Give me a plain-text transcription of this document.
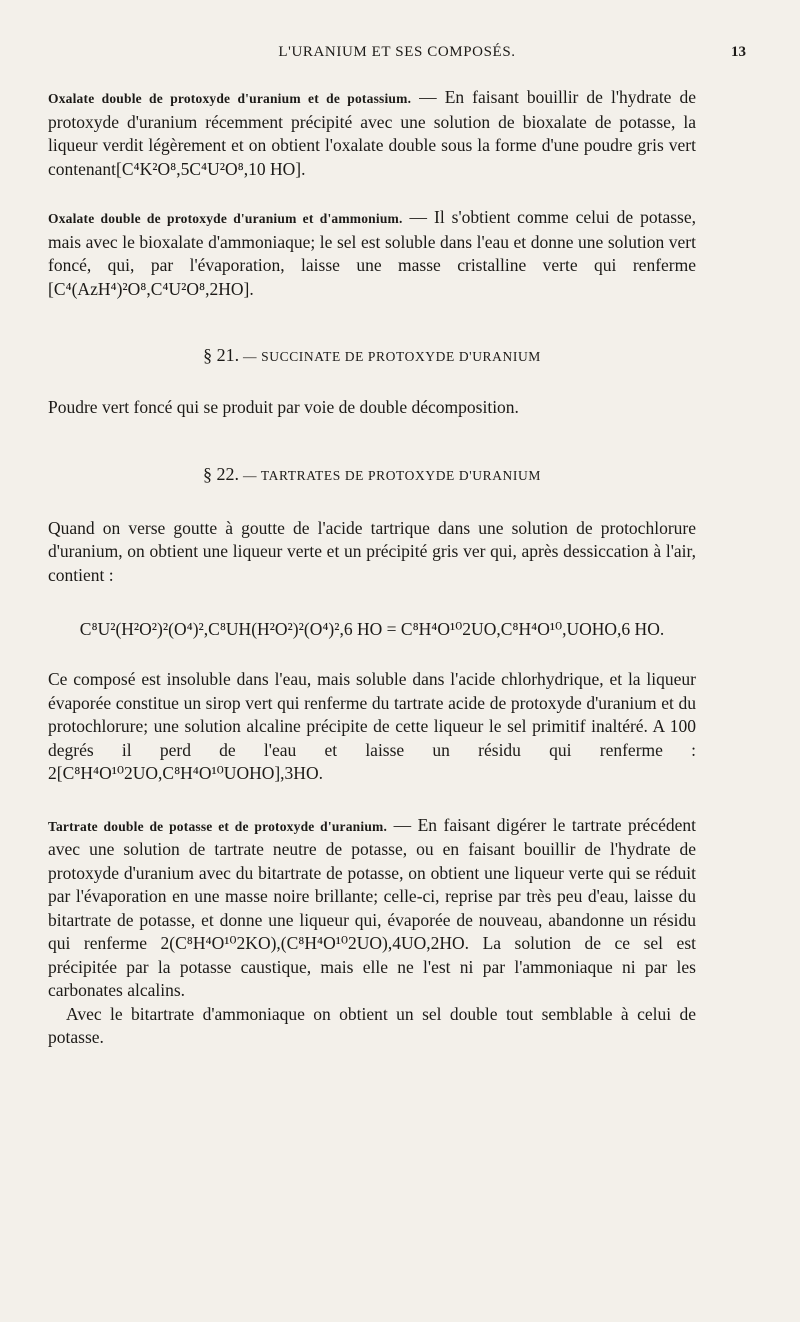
L'URANIUM ET SES COMPOSÉS.	13

Oxalate double de protoxyde d'uranium et de potassium. — En faisant bouillir de l'hydrate de protoxyde d'uranium récemment précipité avec une solution de bioxalate de potasse, la liqueur verdit légèrement et on obtient l'oxalate double sous la forme d'une poudre gris vert contenant[C⁴K²O⁸,5C⁴U²O⁸,10 HO].

Oxalate double de protoxyde d'uranium et d'ammonium. — Il s'obtient comme celui de potasse, mais avec le bioxalate d'ammoniaque; le sel est soluble dans l'eau et donne une solution vert foncé, qui, par l'évaporation, laisse une masse cristalline verte qui renferme [C⁴(AzH⁴)²O⁸,C⁴U²O⁸,2HO].

§ 21. — SUCCINATE DE PROTOXYDE D'URANIUM

Poudre vert foncé qui se produit par voie de double décomposition.

§ 22. — TARTRATES DE PROTOXYDE D'URANIUM

Quand on verse goutte à goutte de l'acide tartrique dans une solution de protochlorure d'uranium, on obtient une liqueur verte et un précipité gris ver qui, après dessiccation à l'air, contient :

C⁸U²(H²O²)²(O⁴)²,C⁸UH(H²O²)²(O⁴)²,6 HO = C⁸H⁴O¹⁰2UO,C⁸H⁴O¹⁰,UOHO,6 HO.

Ce composé est insoluble dans l'eau, mais soluble dans l'acide chlorhydrique, et la liqueur évaporée constitue un sirop vert qui renferme du tartrate acide de protoxyde d'uranium et du protochlorure; une solution alcaline précipite de cette liqueur le sel primitif inaltéré. A 100 degrés il perd de l'eau et laisse un résidu qui renferme : 2[C⁸H⁴O¹⁰2UO,C⁸H⁴O¹⁰UOHO],3HO.

Tartrate double de potasse et de protoxyde d'uranium. — En faisant digérer le tartrate précédent avec une solution de tartrate neutre de potasse, ou en faisant bouillir de l'hydrate de protoxyde d'uranium avec du bitartrate de potasse, on obtient une liqueur verte qui se réduit par l'évaporation en une masse noire brillante; celle-ci, reprise par très peu d'eau, laisse du bitartrate de potasse, et donne une liqueur qui, évaporée de nouveau, abandonne un résidu qui renferme 2(C⁸H⁴O¹⁰2KO),(C⁸H⁴O¹⁰2UO),4UO,2HO. La solution de ce sel est précipitée par la potasse caustique, mais elle ne l'est ni par l'ammoniaque ni par les carbonates alcalins.

Avec le bitartrate d'ammoniaque on obtient un sel double tout semblable à celui de potasse.
